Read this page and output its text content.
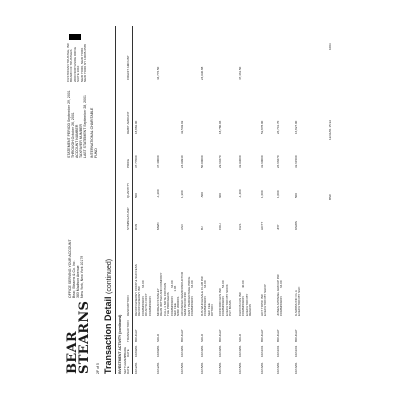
BEAR
STEARNS
OFFICE SERVING YOUR ACCOUNT Bear, Stearns & Co. Inc. 383 Madison Avenue New York, New York 10179
STATEMENT PERIOD September 29, 2001 THROUGH October 26, 2001 ACCOUNT NUMBER TAXPAYER NUMBER LAST STATEMENT September 28, 2001 INTERNATIONAL CHARITABLE FUND
CUSTODIAN TRUSTEE, INC BOARD OF TRUSTEES 2000 NORTHSIDE DRIVE SUITE 1010 NEW YORK, NEW YORK NEW YORK NY 10005-6565
2F of 5 Transaction Detail (continued)
INVESTMENT ACTIVITY (continued) SETTLEMENT DATE
TRADE DATE
TRANSACTION
DESCRIPTION
SYMBOL/CUSIP
QUANTITY
PRICE
DEBIT AMOUNT
CREDIT AMOUNT
10/12/01
10/09/01
BOUGHT
DEVON ENERGY CORP & SUCCESS
DEVON ENERGY INC
COMMISSION          64.00
DCAFTOJ OFCT
COMMISSION
DVN
500
37.77000
18,882.00
10/12/01
10/09/01
SOLD
MORGAN STANLEY
DEAN WITTER AND COMPANY
CALL 3 NOTE CONTAIN
THE PROCEEDS
COMMISSION          64.00
SEC FEE              1.06
NWC WORKS
MWD
-1,200
37.40000
44,776.50
10/15/01
10/10/01
BOUGHT
ADVANCED SEMICONDUCTOR
SEMI INCOR IND
CENT PERCENTAGE PRICE
COMMISSION          64.00
ASX
1,300
24.99940
32,549.02
10/15/01
10/10/01
SOLD
RJS WHOLESALE CLUB INC
COMMISSION          64.00
SEC FEE
OPTION
BJ
-500
50.00000
24,930.88
10/15/01
10/10/01
BOUGHT
CONCORD EFS INC
COMMISSION          54.00
EXECUTION BY SOCK
PUT BASIS
CDH
600
29.64670
18,780.06
10/15/01
10/10/01
SOLD
CHICOS FAS INC
COMMISSION          40.00
EXECUTION BY
REGION
CHS
-1,400
33.93000
47,461.50
10/16/01
10/11/01
BOUGHT
HOT TOPIC INC
EXECUTION BY SHOP
HOTT
1,600
33.60000
53,878.00
10/16/01
10/11/01
BOUGHT
JONES APPAREL GROUP INC
COMMISSION          64.00
JNY
1,000
26.66670
26,741.70
10/16/01
10/11/01
BOUGHT
K-SWISS INC CL A
EXECUTION BY SUC
KSWS
500
33.61500
16,827.00
BSC
12/31/01 15:32
1003
